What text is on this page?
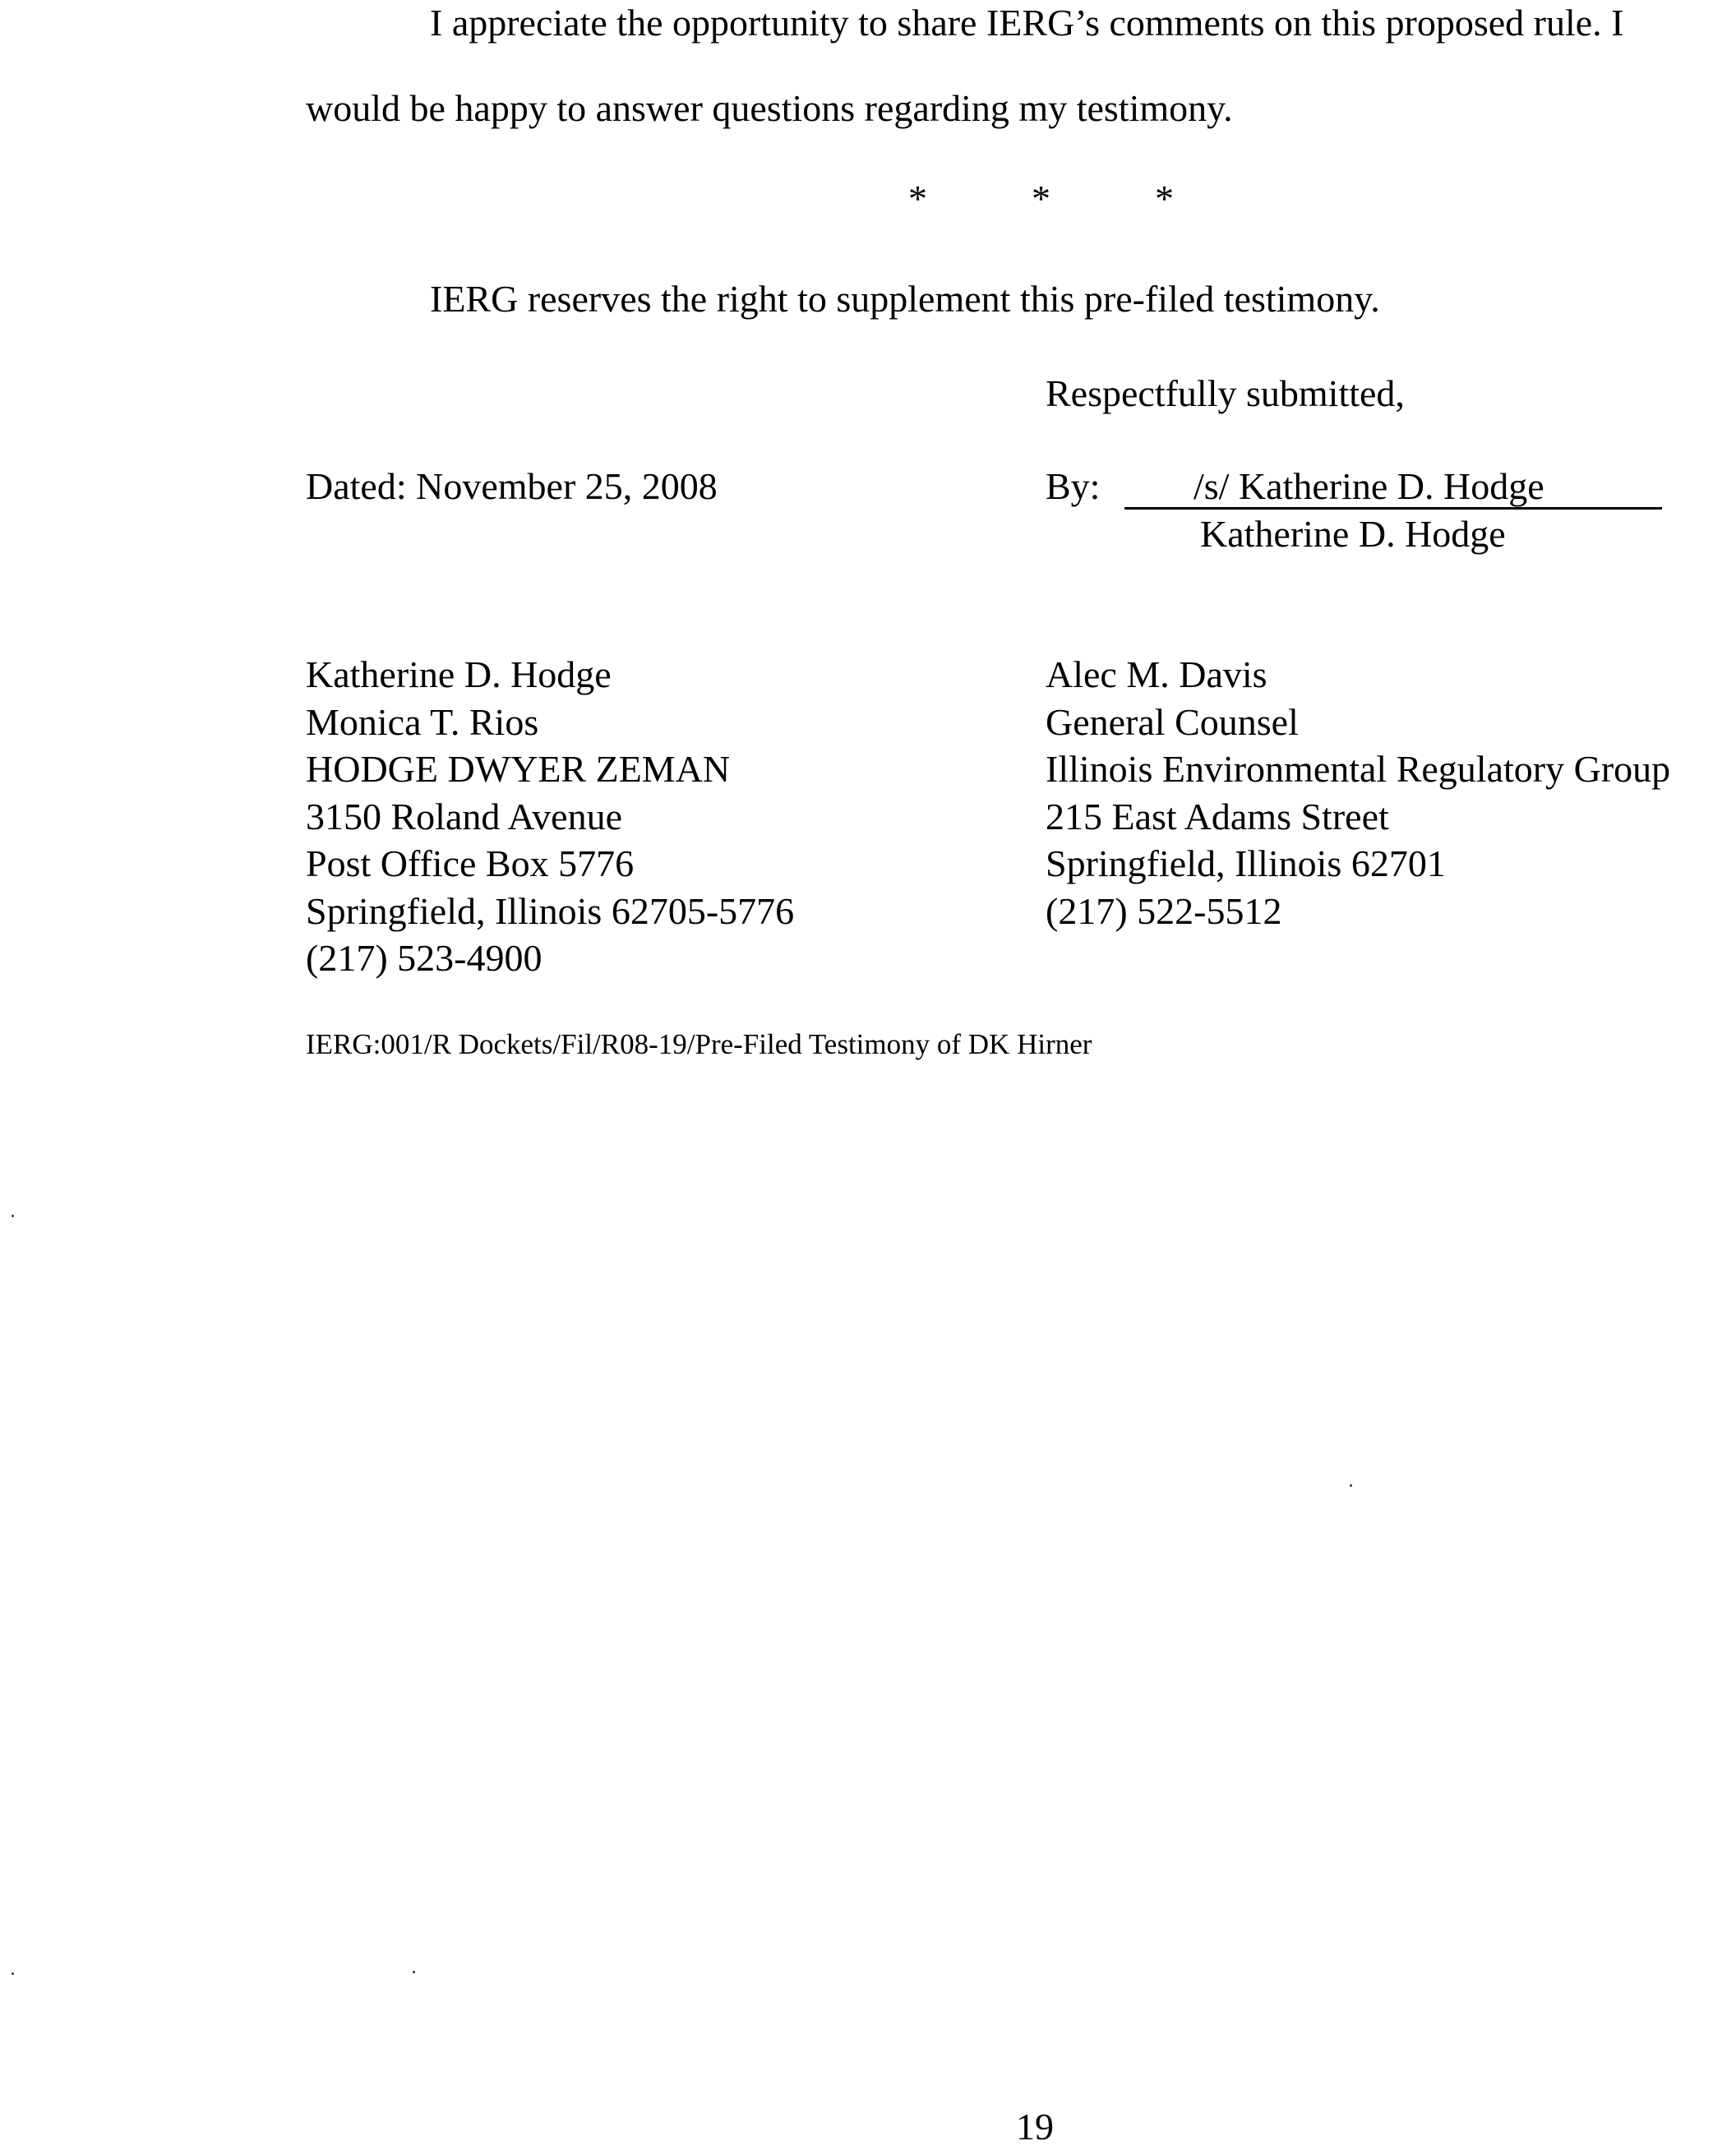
I appreciate the opportunity to share IERG’s comments on this proposed rule. I
would be happy to answer questions regarding my testimony.
*	*	*
IERG reserves the right to supplement this pre-filed testimony.
Respectfully submitted,
Dated: November 25, 2008	By: /s/ Katherine D. Hodge
Katherine D. Hodge
Katherine D. Hodge
Monica T. Rios
HODGE DWYER ZEMAN
3150 Roland Avenue
Post Office Box 5776
Springfield, Illinois 62705-5776
(217) 523-4900
Alec M. Davis
General Counsel
Illinois Environmental Regulatory Group
215 East Adams Street
Springfield, Illinois 62701
(217) 522-5512
IERG:001/R Dockets/Fil/R08-19/Pre-Filed Testimony of DK Hirner
19
